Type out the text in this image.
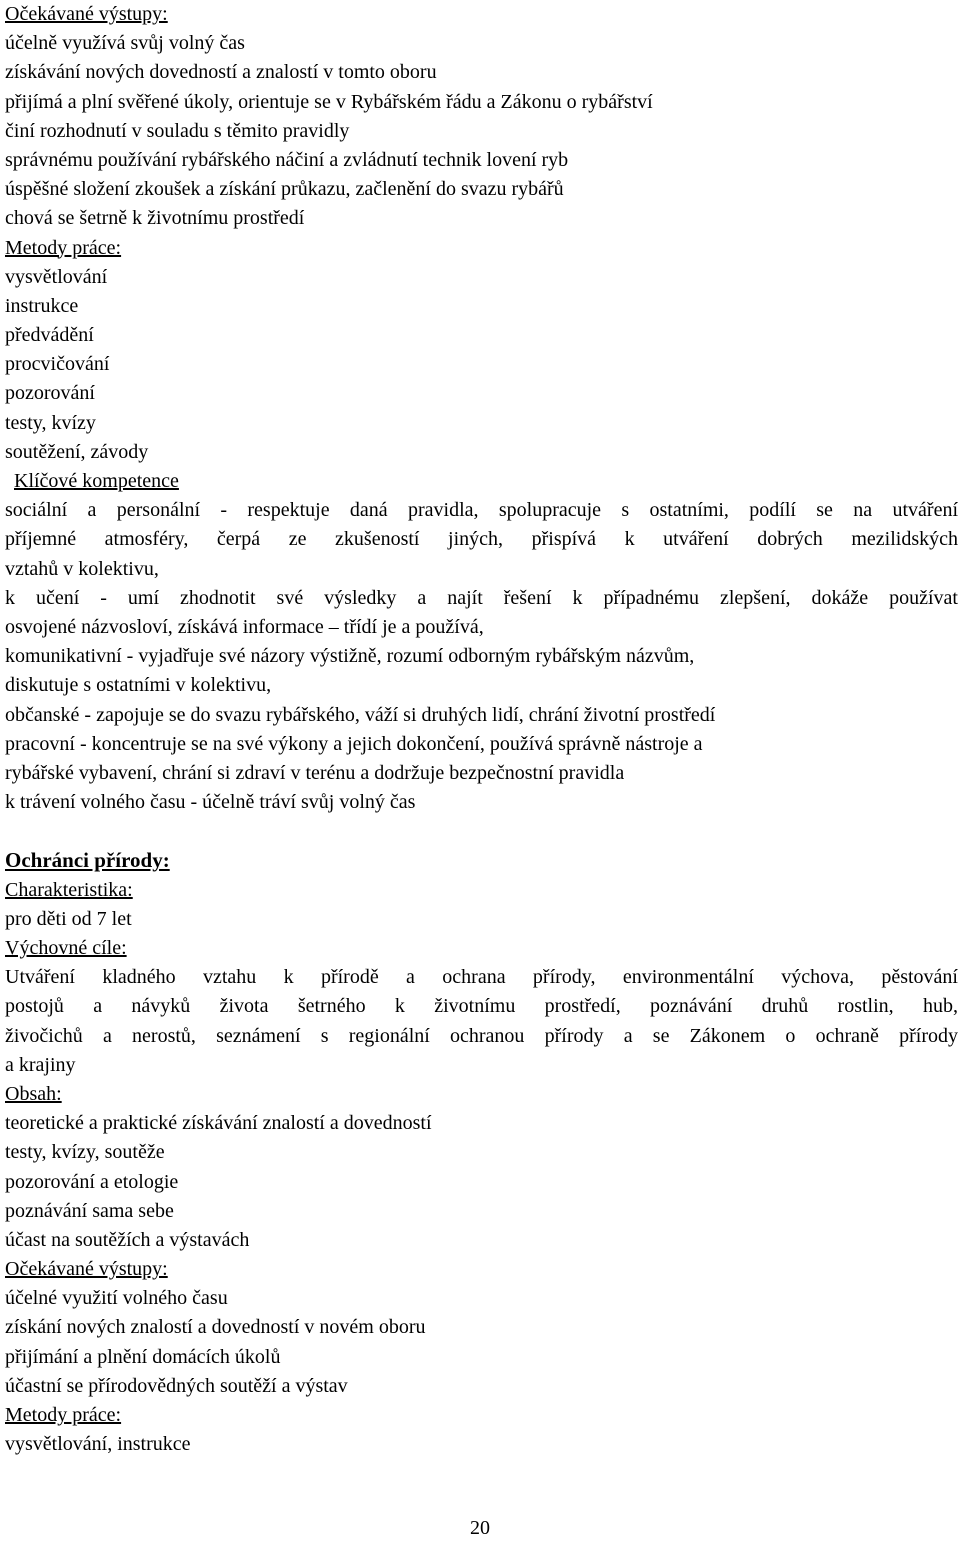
Očekávané výstupy:
účelně využívá svůj volný čas
získávání nových dovedností a znalostí v tomto oboru
přijímá a plní svěřené úkoly, orientuje se v Rybářském řádu a Zákonu o rybářství
činí rozhodnutí v souladu s těmito pravidly
správnému používání rybářského náčiní a zvládnutí technik lovení ryb
úspěšné složení zkoušek a získání průkazu, začlenění do svazu rybářů
chová se šetrně k životnímu prostředí
Metody práce:
vysvětlování
instrukce
předvádění
procvičování
pozorování
testy, kvízy
soutěžení, závody
Klíčové kompetence
sociální a personální - respektuje daná pravidla, spolupracuje s ostatními, podílí se na utváření
příjemné atmosféry, čerpá ze zkušeností jiných, přispívá k utváření dobrých mezilidských
vztahů v kolektivu,
k učení - umí zhodnotit své výsledky a najít řešení k případnému zlepšení, dokáže používat
osvojené názvosloví, získává informace – třídí je a používá,
komunikativní - vyjadřuje své názory výstižně, rozumí odborným rybářským názvům,
diskutuje s ostatními v kolektivu,
občanské - zapojuje se do svazu rybářského, váží si druhých lidí, chrání životní prostředí
pracovní - koncentruje se na své výkony a jejich dokončení, používá správně nástroje a
rybářské vybavení, chrání si zdraví v terénu a dodržuje bezpečnostní pravidla
k trávení volného času - účelně tráví svůj volný čas
Ochránci přírody:
Charakteristika:
pro děti od 7 let
Výchovné cíle:
Utváření kladného vztahu k přírodě a ochrana přírody, environmentální výchova, pěstování
postojů a návyků života šetrného k životnímu prostředí, poznávání druhů rostlin, hub,
živočichů a nerostů, seznámení s regionální ochranou přírody a se Zákonem o ochraně přírody
a krajiny
Obsah:
teoretické a praktické získávání znalostí a dovedností
testy, kvízy, soutěže
pozorování a etologie
poznávání sama sebe
účast na soutěžích a výstavách
Očekávané výstupy:
účelné využití volného času
získání nových znalostí a dovedností v novém oboru
přijímání a plnění domácích úkolů
účastní se přírodovědných soutěží a výstav
Metody práce:
vysvětlování, instrukce
20
